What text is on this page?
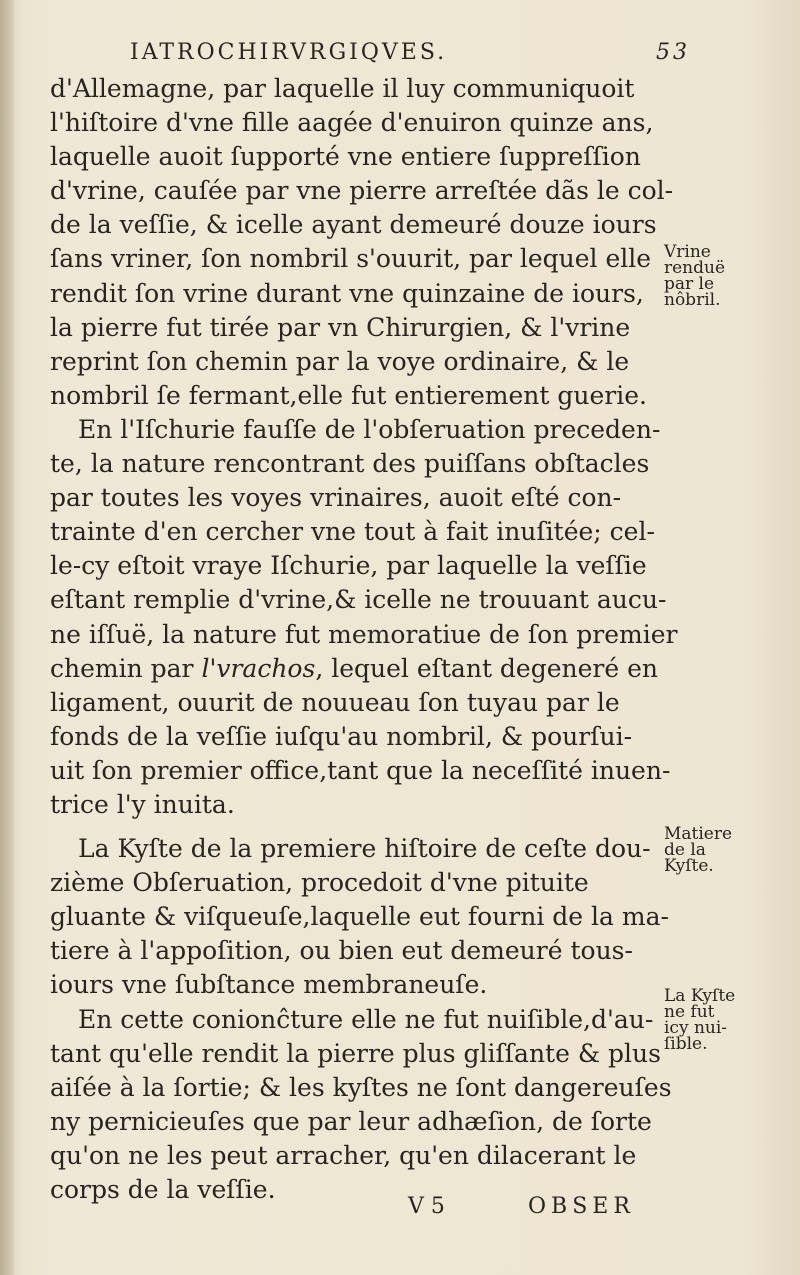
IATROCHIRVRGIQVES.	53
d'Allemagne, par laquelle il luy communiquoit
l'hiſtoire d'vne fille aagée d'enuiron quinze ans,
laquelle auoit ſupporté vne entiere ſuppreſſion
d'vrine, cauſée par vne pierre arreſtée dãs le col-
de la veſſie, & icelle ayant demeuré douze iours
ſans vriner, ſon nombril s'ouurit, par lequel elle
rendit ſon vrine durant vne quinzaine de iours,
la pierre fut tirée par vn Chirurgien, & l'vrine
reprint ſon chemin par la voye ordinaire, & le
nombril ſe fermant,elle fut entierement guerie.
En l'Iſchurie fauſſe de l'obſeruation preceden-
te, la nature rencontrant des puiſſans obſtacles
par toutes les voyes vrinaires, auoit eſté con-
trainte d'en cercher vne tout à fait inuſitée; cel-
le-cy eſtoit vraye Iſchurie, par laquelle la veſſie
eſtant remplie d'vrine,& icelle ne trouuant aucu-
ne iſſuë, la nature fut memoratiue de ſon premier
chemin par l'vrachos, lequel eſtant degeneré en
ligament, ouurit de nouueau ſon tuyau par le
fonds de la veſſie iuſqu'au nombril, & pourſui-
uit ſon premier office,tant que la neceſſité inuen-
trice l'y inuita.
La Kyſte de la premiere hiſtoire de ceſte dou-
zième Obſeruation, procedoit d'vne pituite
gluante & viſqueuſe,laquelle eut fourni de la ma-
tiere à l'appoſition, ou bien eut demeuré tous-
iours vne ſubſtance membraneuſe.
En cette conionĉture elle ne fut nuiſible,d'au-
tant qu'elle rendit la pierre plus gliſſante & plus
aiſée à la ſortie; & les kyſtes ne ſont dangereuſes
ny pernicieuſes que par leur adhæſion, de ſorte
qu'on ne les peut arracher, qu'en dilacerant le
corps de la veſſie.
Vrine
renduë
par le
nôbril.
Matiere
de la
Kyſte.
La Kyſte
ne fut
icy nui-
ſible.
V 5	OBSER
